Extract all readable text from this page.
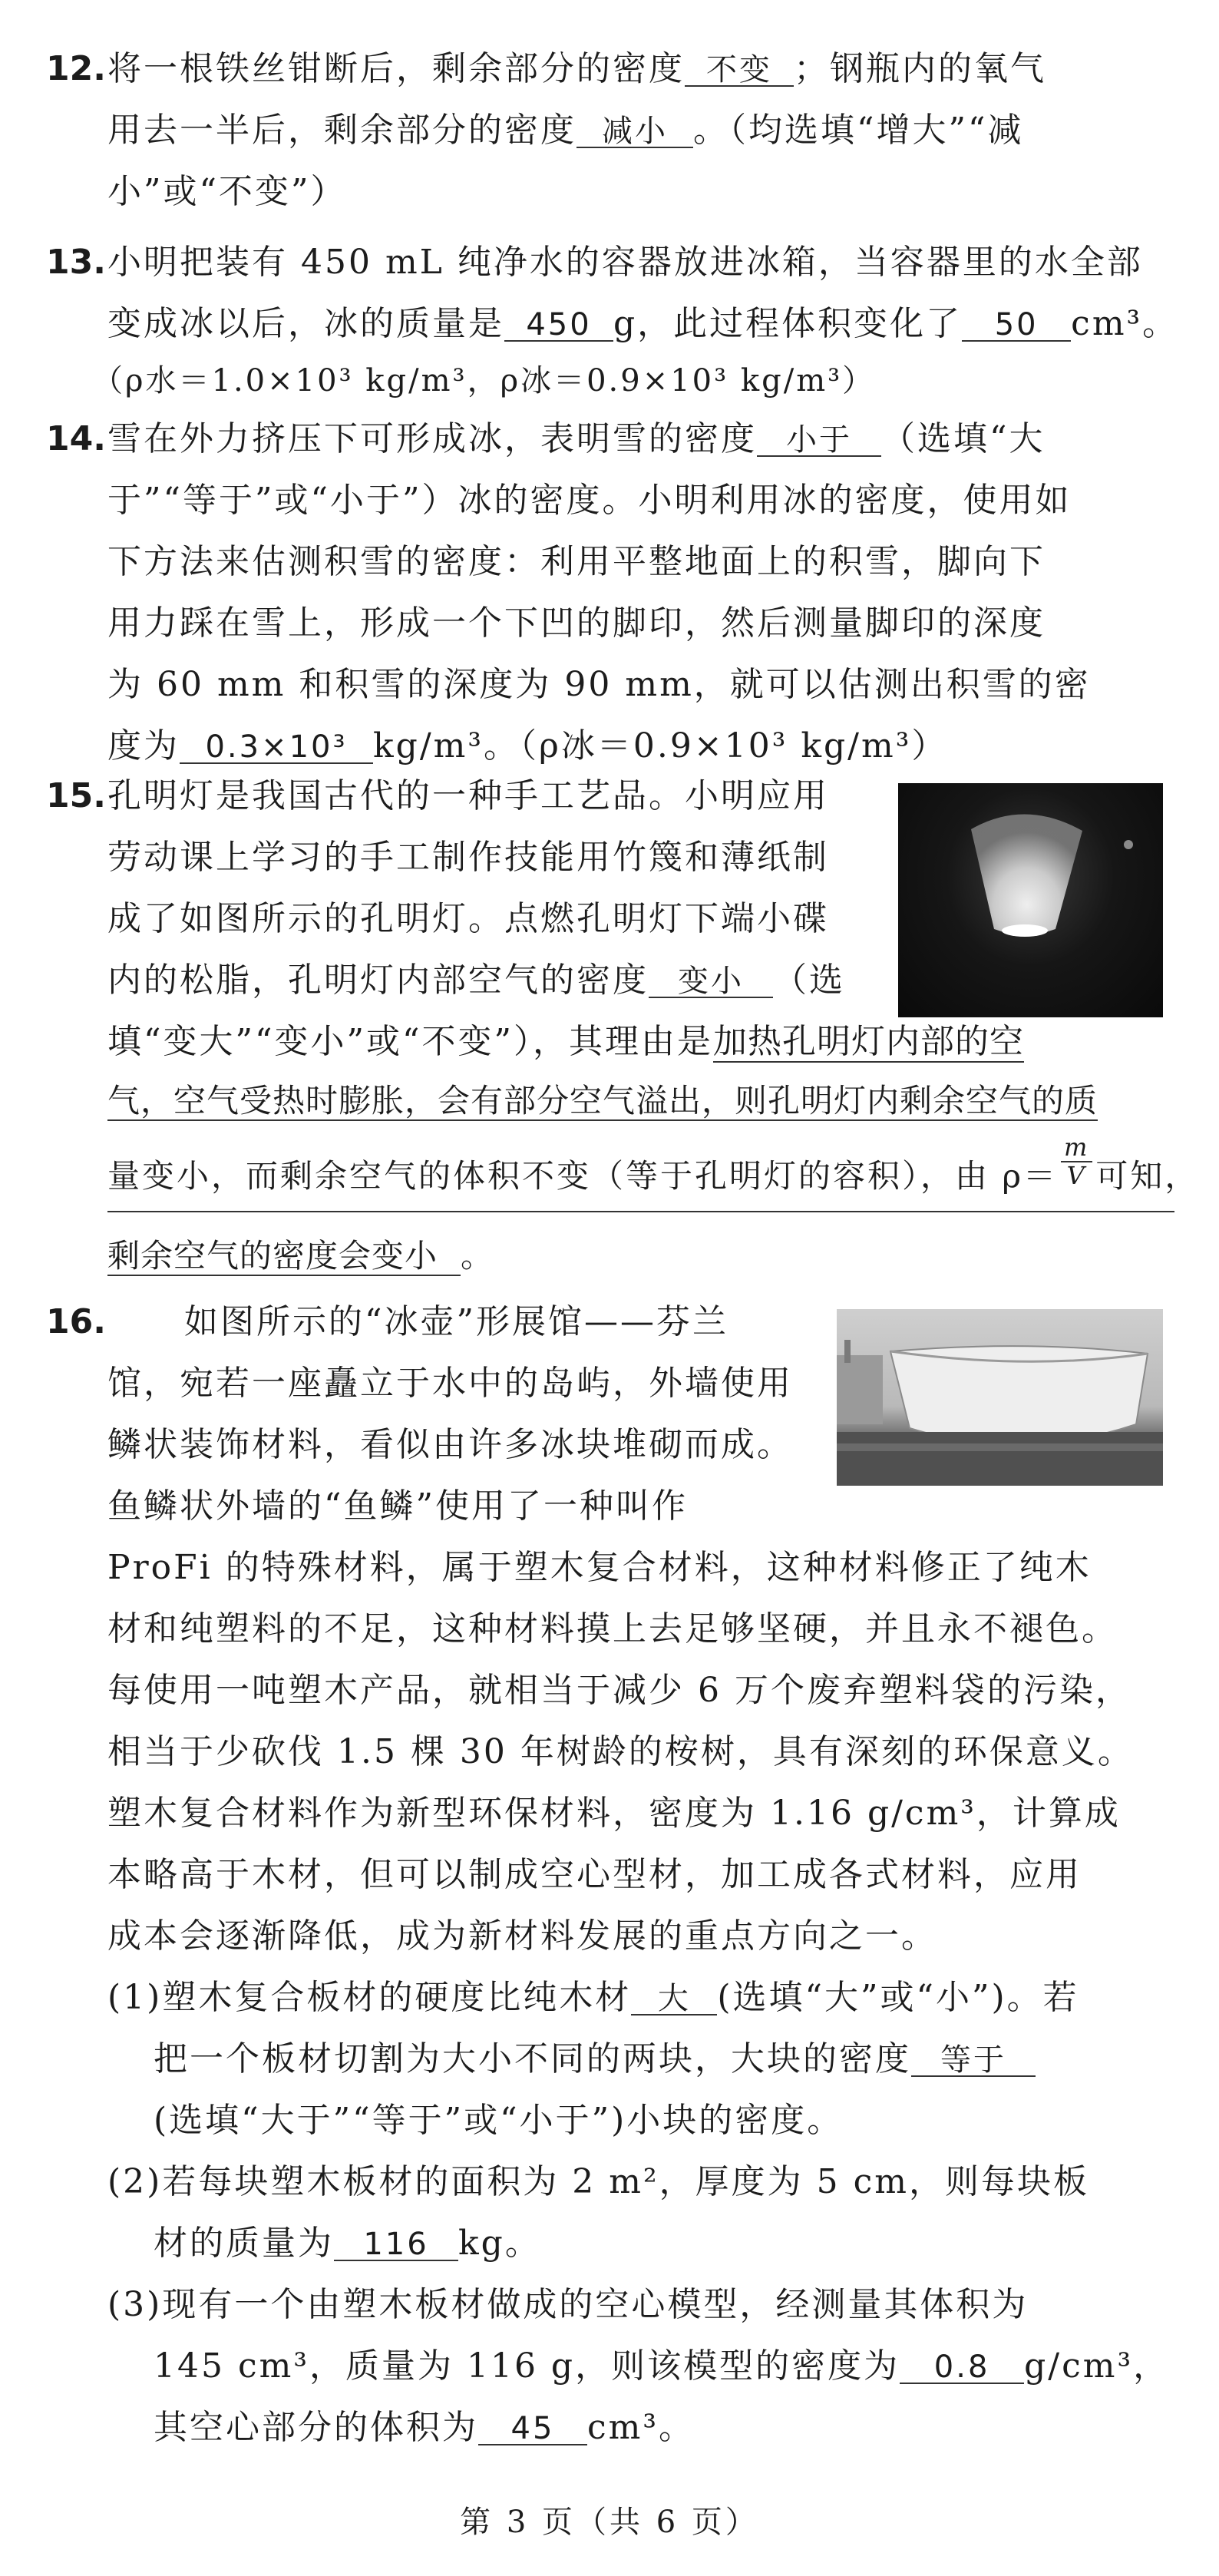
12. 将一根铁丝钳断后，剩余部分的密度 不变 ；钢瓶内的氧气
用去一半后，剩余部分的密度 减小 。（均选填“增大”“减
小”或“不变”）
13. 小明把装有 450 mL 纯净水的容器放进冰箱，当容器里的水全部
变成冰以后，冰的质量是 450 g，此过程体积变化了 50 cm³。
（ρ水＝1.0×10³ kg/m³，ρ冰＝0.9×10³ kg/m³）
14. 雪在外力挤压下可形成冰，表明雪的密度 小于 （选填“大
于”“等于”或“小于”）冰的密度。小明利用冰的密度，使用如
下方法来估测积雪的密度：利用平整地面上的积雪，脚向下
用力踩在雪上，形成一个下凹的脚印，然后测量脚印的深度
为 60 mm 和积雪的深度为 90 mm，就可以估测出积雪的密
度为 0.3×10³ kg/m³。（ρ冰＝0.9×10³ kg/m³）
15. 孔明灯是我国古代的一种手工艺品。小明应用
劳动课上学习的手工制作技能用竹篾和薄纸制
成了如图所示的孔明灯。点燃孔明灯下端小碟
内的松脂，孔明灯内部空气的密度 变小 （选
填“变大”“变小”或“不变”），其理由是加热孔明灯内部的空
气，空气受热时膨胀，会有部分空气溢出，则孔明灯内剩余空气的质
量变小，而剩余空气的体积不变（等于孔明灯的容积），由 $\rho= \frac{m}{V}$ 可知，
剩余空气的密度会变小 。
16. 如图所示的“冰壶”形展馆——芬兰
馆，宛若一座矗立于水中的岛屿，外墙使用
鳞状装饰材料，看似由许多冰块堆砌而成。
鱼鳞状外墙的“鱼鳞”使用了一种叫作
ProFi 的特殊材料，属于塑木复合材料，这种材料修正了纯木
材和纯塑料的不足，这种材料摸上去足够坚硬，并且永不褪色。
每使用一吨塑木产品，就相当于减少 6 万个废弃塑料袋的污染，
相当于少砍伐 1.5 棵 30 年树龄的桉树，具有深刻的环保意义。
塑木复合材料作为新型环保材料，密度为 1.16 g/cm³，计算成
本略高于木材，但可以制成空心型材，加工成各式材料，应用
成本会逐渐降低，成为新材料发展的重点方向之一。
(1)塑木复合板材的硬度比纯木材 大 (选填“大”或“小”)。若
把一个板材切割为大小不同的两块，大块的密度 等于
(选填“大于”“等于”或“小于”)小块的密度。
(2)若每块塑木板材的面积为 2 m²，厚度为 5 cm，则每块板
材的质量为 116 kg。
(3)现有一个由塑木板材做成的空心模型，经测量其体积为
145 cm³，质量为 116 g，则该模型的密度为 0.8 g/cm³，
其空心部分的体积为 45 cm³。
第 3 页（共 6 页）
